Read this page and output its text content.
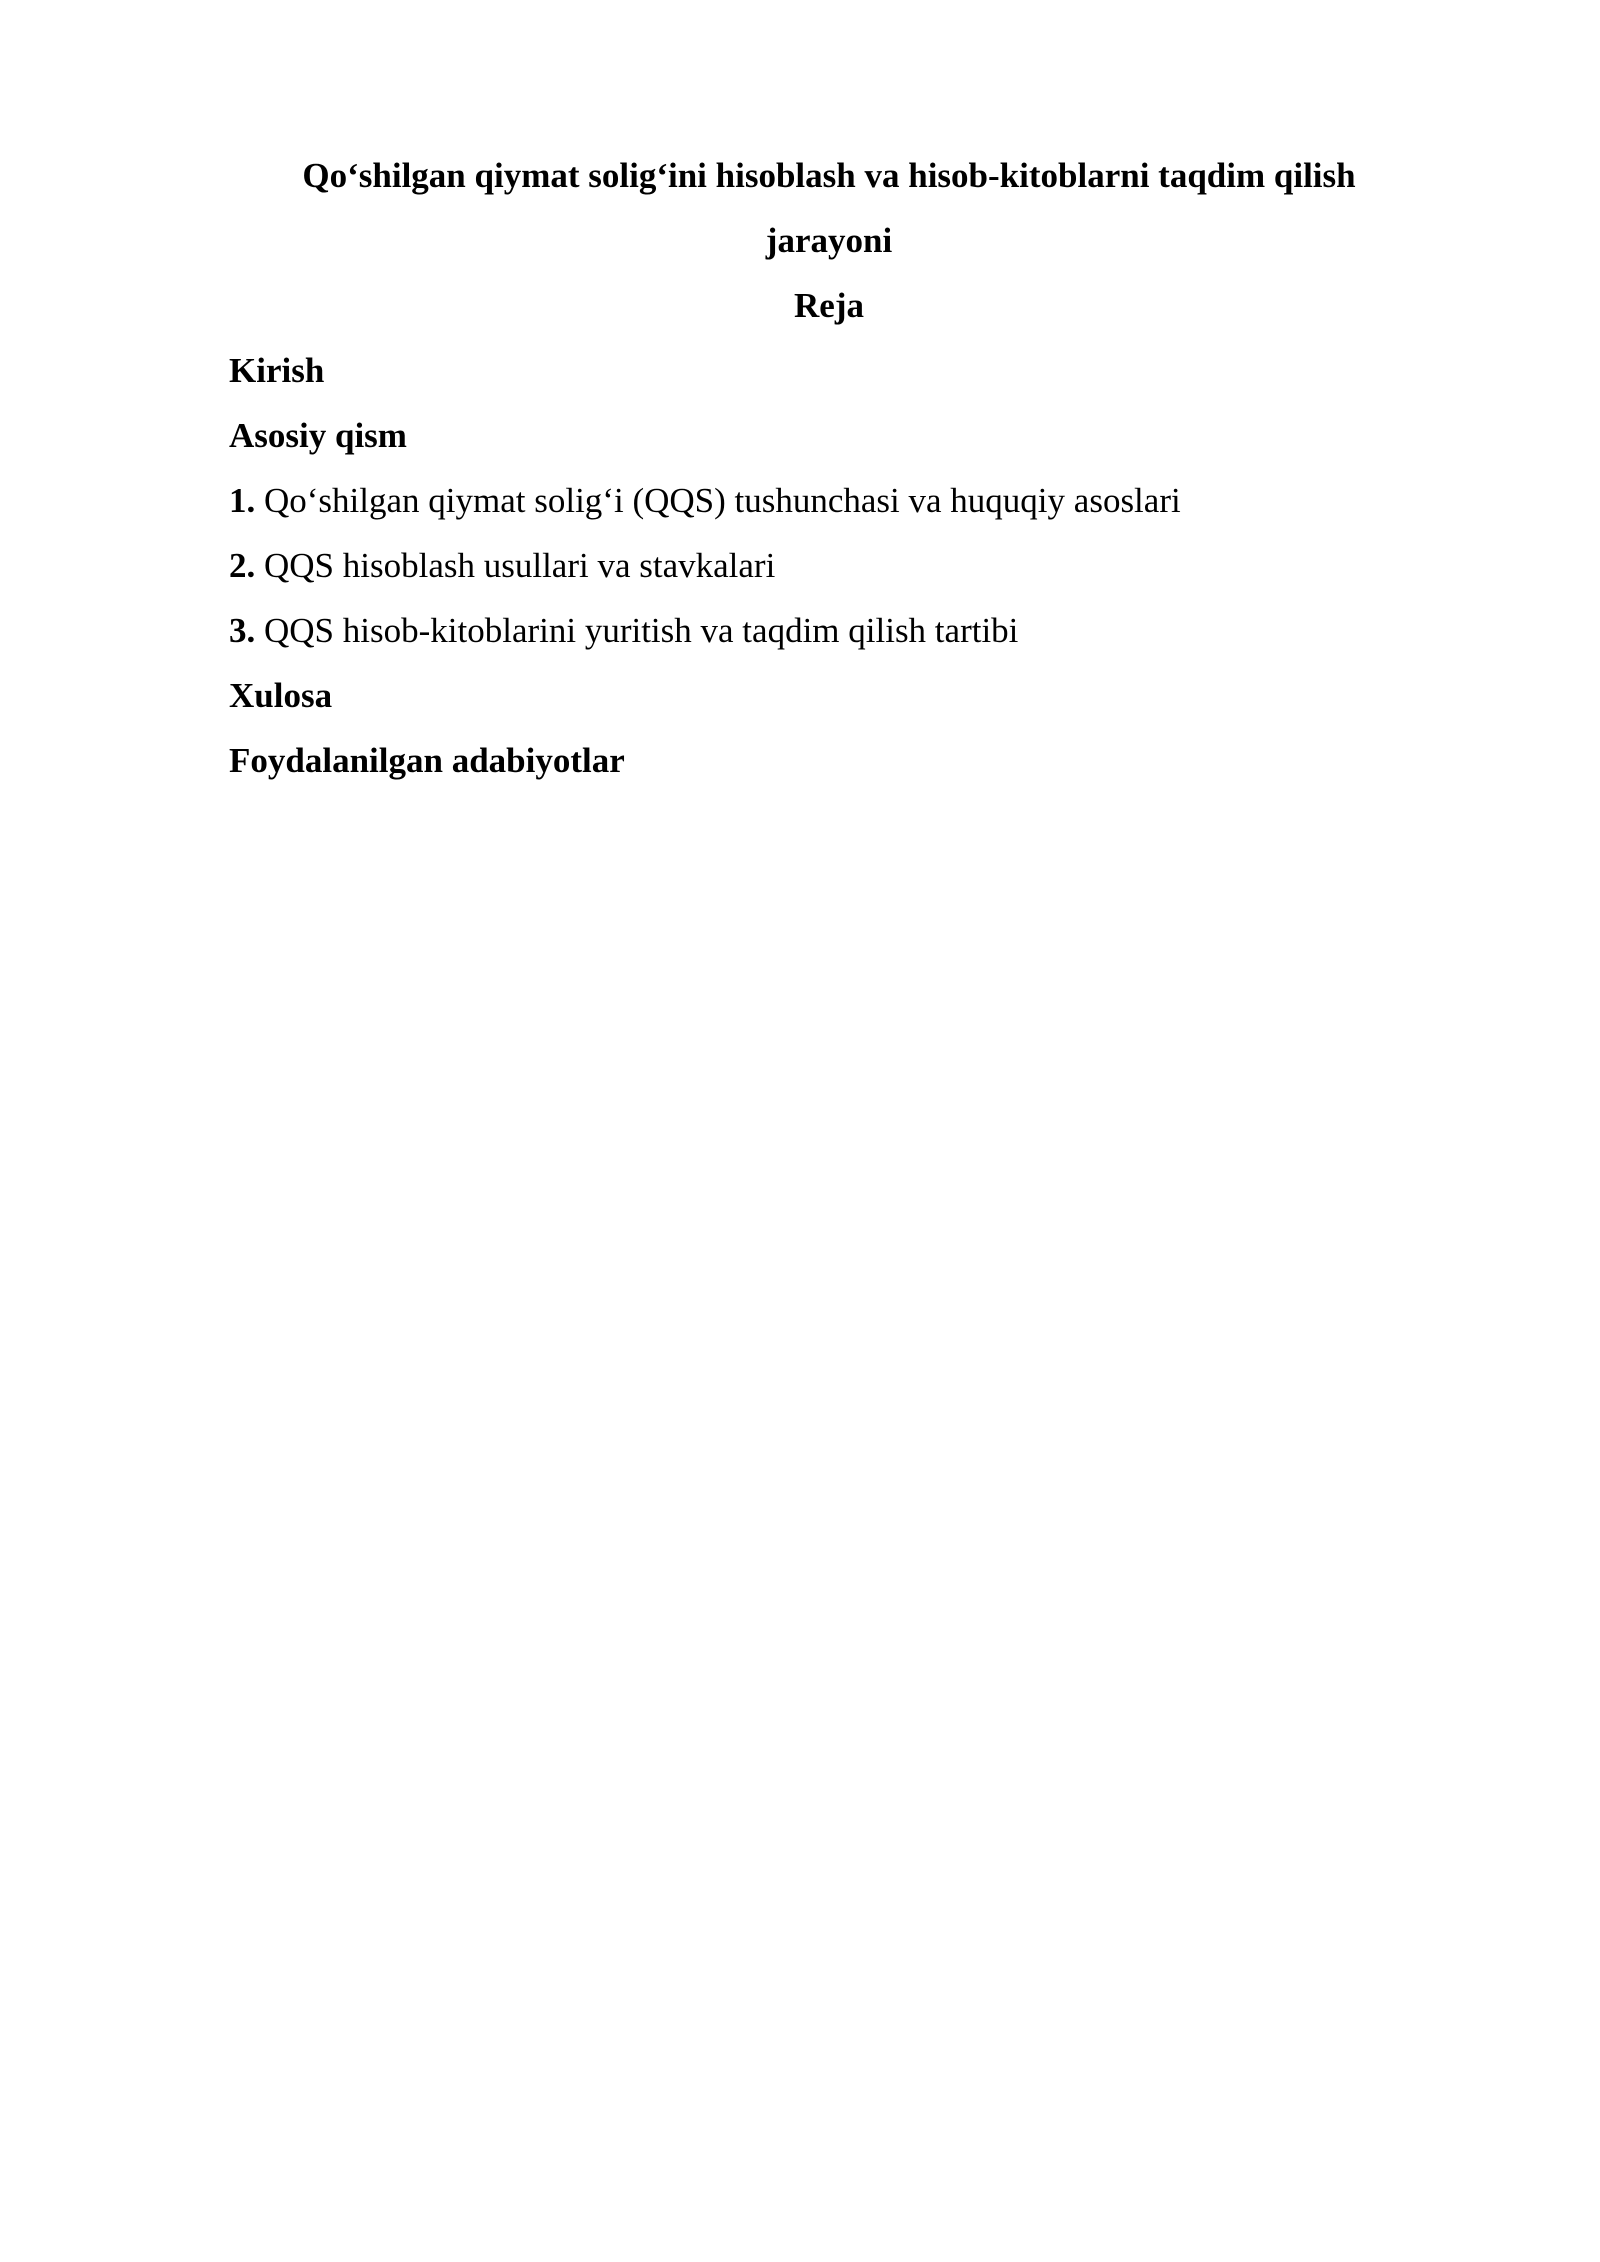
Qo‘shilgan qiymat solig‘ini hisoblash va hisob-kitoblarni taqdim qilish
jarayoni
Reja
Kirish
Asosiy qism
1. Qo‘shilgan qiymat solig‘i (QQS) tushunchasi va huquqiy asoslari
2. QQS hisoblash usullari va stavkalari
3. QQS hisob-kitoblarini yuritish va taqdim qilish tartibi
Xulosa
Foydalanilgan adabiyotlar
